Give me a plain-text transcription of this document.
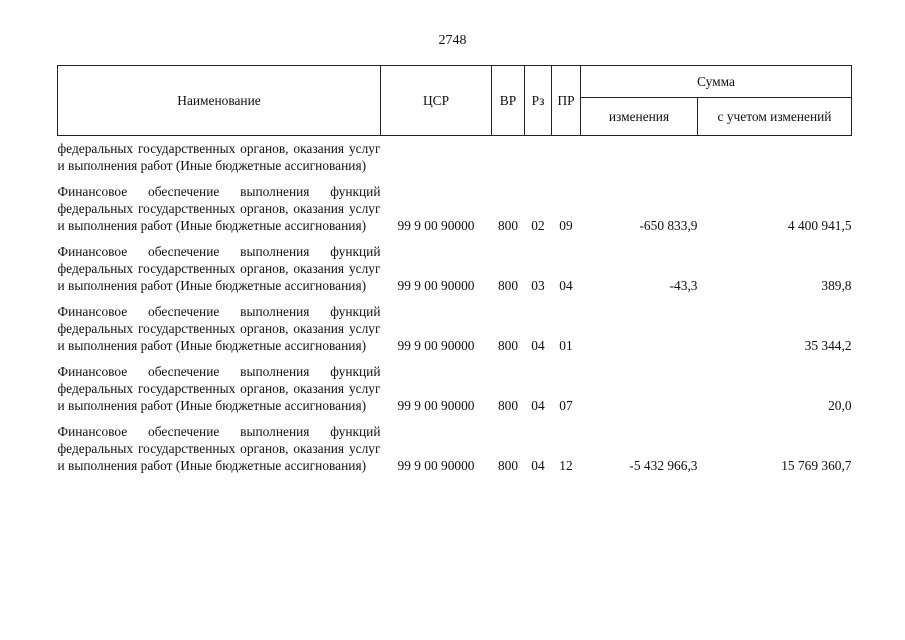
2748
Наименование	ЦСР	ВР	Рз	ПР	Сумма	
					изменения	с учетом изменений
федеральных государственных органов, оказания услуг и выполнения работ (Иные бюджетные ассигнования)						
Финансовое обеспечение выполнения функций федеральных государственных органов, оказания услуг и выполнения работ (Иные бюджетные ассигнования)	99 9 00 90000	800	02	09	-650 833,9	4 400 941,5
Финансовое обеспечение выполнения функций федеральных государственных органов, оказания услуг и выполнения работ (Иные бюджетные ассигнования)	99 9 00 90000	800	03	04	-43,3	389,8
Финансовое обеспечение выполнения функций федеральных государственных органов, оказания услуг и выполнения работ (Иные бюджетные ассигнования)	99 9 00 90000	800	04	01		35 344,2
Финансовое обеспечение выполнения функций федеральных государственных органов, оказания услуг и выполнения работ (Иные бюджетные ассигнования)	99 9 00 90000	800	04	07		20,0
Финансовое обеспечение выполнения функций федеральных государственных органов, оказания услуг и выполнения работ (Иные бюджетные ассигнования)	99 9 00 90000	800	04	12	-5 432 966,3	15 769 360,7
